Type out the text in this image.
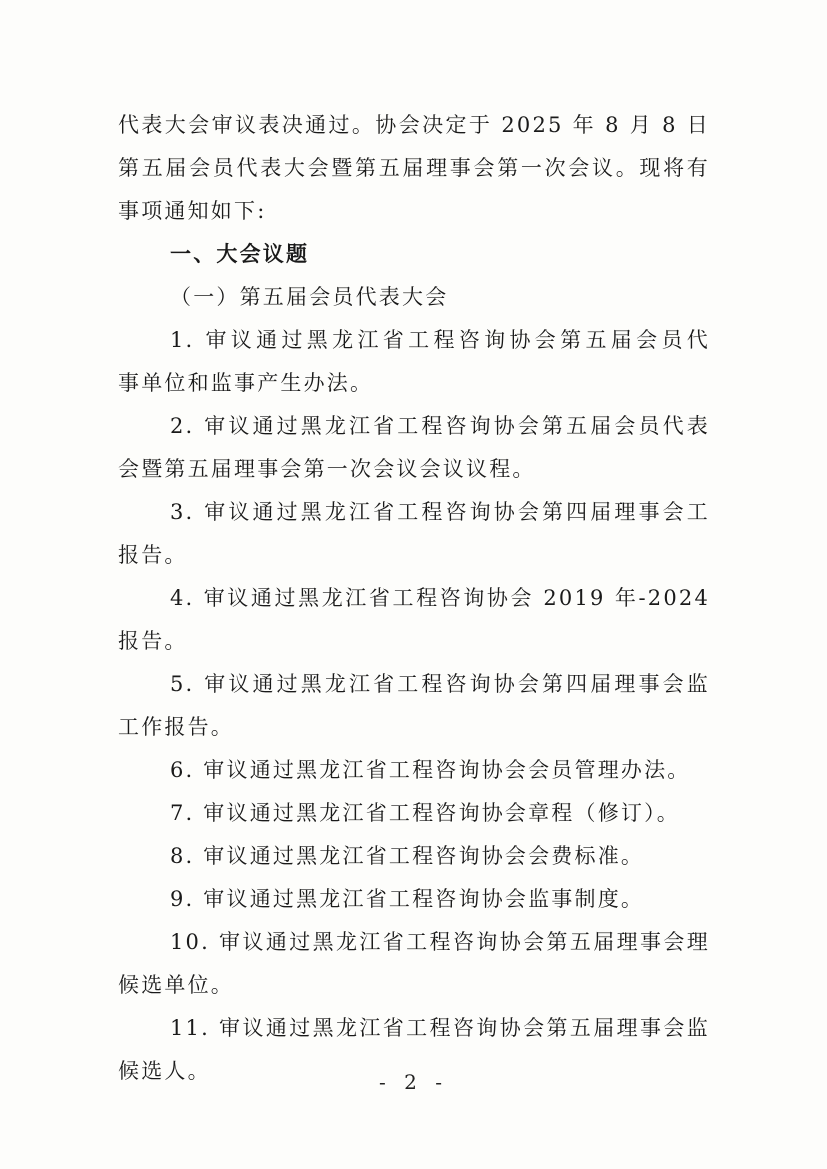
代表大会审议表决通过。协会决定于 2025 年 8 月 8 日
第五届会员代表大会暨第五届理事会第一次会议。现将有
事项通知如下:
一、大会议题
（一）第五届会员代表大会
1. 审议通过黑龙江省工程咨询协会第五届会员代
事单位和监事产生办法。
2. 审议通过黑龙江省工程咨询协会第五届会员代表
会暨第五届理事会第一次会议会议议程。
3. 审议通过黑龙江省工程咨询协会第四届理事会工
报告。
4. 审议通过黑龙江省工程咨询协会 2019 年-2024
报告。
5. 审议通过黑龙江省工程咨询协会第四届理事会监
工作报告。
6. 审议通过黑龙江省工程咨询协会会员管理办法。
7. 审议通过黑龙江省工程咨询协会章程（修订）。
8. 审议通过黑龙江省工程咨询协会会费标准。
9. 审议通过黑龙江省工程咨询协会监事制度。
10. 审议通过黑龙江省工程咨询协会第五届理事会理
候选单位。
11. 审议通过黑龙江省工程咨询协会第五届理事会监
候选人。	- 2 -
